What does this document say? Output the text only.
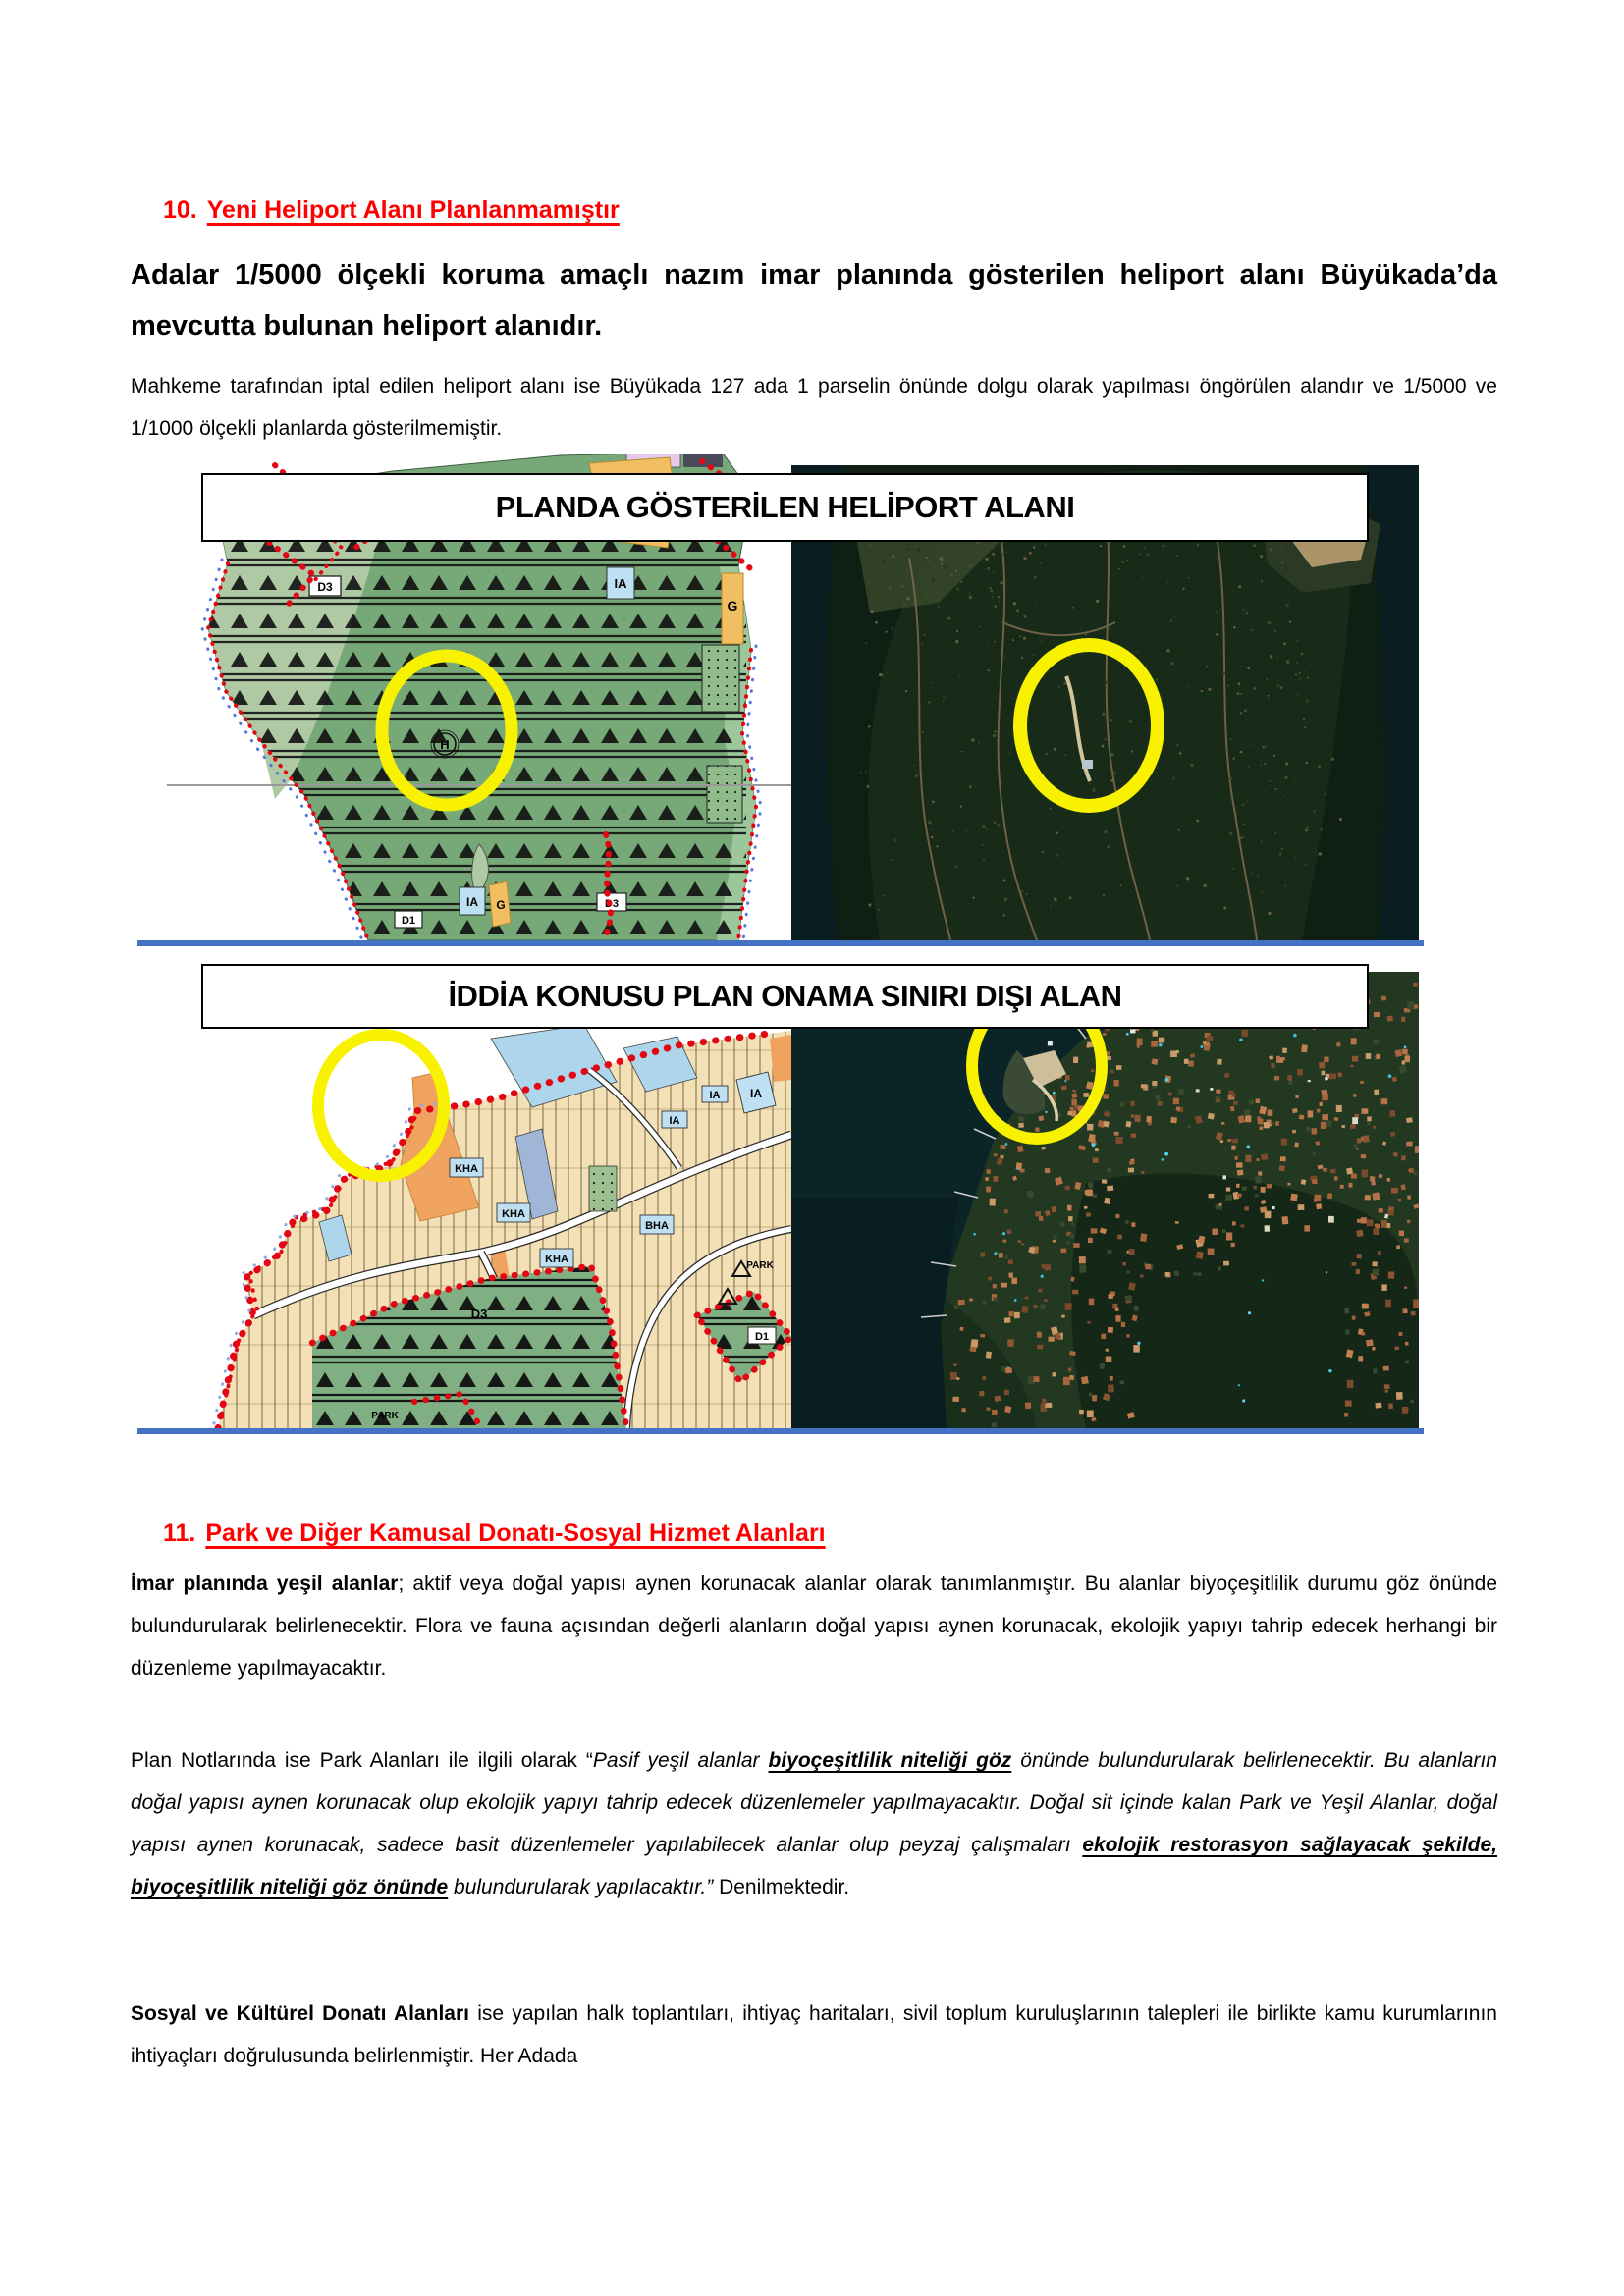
10. Yeni Heliport Alanı Planlanmamıştır

Adalar 1/5000 ölçekli koruma amaçlı nazım imar planında gösterilen heliport alanı Büyükada’da mevcutta bulunan heliport alanıdır.

Mahkeme tarafından iptal edilen heliport alanı ise Büyükada 127 ada 1 parselin önünde dolgu olarak yapılması öngörülen alandır ve 1/5000 ve 1/1000 ölçekli planlarda gösterilmemiştir.

IA
G
D3
IA G	D3
D1
H
PLANDA GÖSTERİLEN HELİPORT ALANI
KHA
KHA
KHA
BHA
IA	IA
IA
D3
D1
PARK
PARK
İDDİA KONUSU PLAN ONAMA SINIRI DIŞI ALAN
11. Park ve Diğer Kamusal Donatı-Sosyal Hizmet Alanları

İmar planında yeşil alanlar; aktif veya doğal yapısı aynen korunacak alanlar olarak tanımlanmıştır. Bu alanlar biyoçeşitlilik durumu göz önünde bulundurularak belirlenecektir. Flora ve fauna açısından değerli alanların doğal yapısı aynen korunacak, ekolojik yapıyı tahrip edecek herhangi bir düzenleme yapılmayacaktır.

Plan Notlarında ise Park Alanları ile ilgili olarak “Pasif yeşil alanlar biyoçeşitlilik niteliği göz önünde bulundurularak belirlenecektir. Bu alanların doğal yapısı aynen korunacak olup ekolojik yapıyı tahrip edecek düzenlemeler yapılmayacaktır. Doğal sit içinde kalan Park ve Yeşil Alanlar, doğal yapısı aynen korunacak, sadece basit düzenlemeler yapılabilecek alanlar olup peyzaj çalışmaları ekolojik restorasyon sağlayacak şekilde, biyoçeşitlilik niteliği göz önünde bulundurularak yapılacaktır.” Denilmektedir.

Sosyal ve Kültürel Donatı Alanları ise yapılan halk toplantıları, ihtiyaç haritaları, sivil toplum kuruluşlarının talepleri ile birlikte kamu kurumlarının ihtiyaçları doğrulusunda belirlenmiştir. Her Adada
